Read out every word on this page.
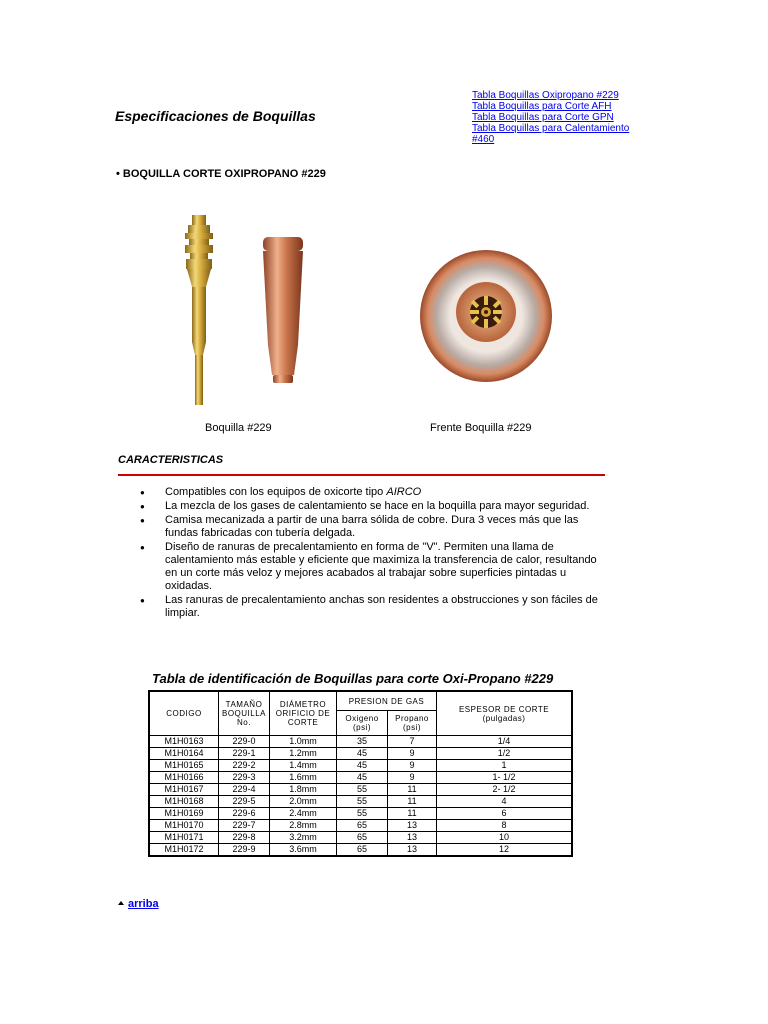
Especificaciones de Boquillas
Tabla Boquillas Oxipropano #229
Tabla Boquillas para Corte AFH
Tabla Boquillas para Corte GPN
Tabla Boquillas para Calentamiento #460
• BOQUILLA CORTE OXIPROPANO #229
Boquilla #229	Frente Boquilla #229
CARACTERISTICAS
● Compatibles con los equipos de oxicorte tipo AIRCO
● La mezcla de los gases de calentamiento se hace en la boquilla para mayor seguridad.
● Camisa mecanizada a partir de una barra sólida de cobre. Dura 3 veces más que las fundas fabricadas con tubería delgada.
● Diseño de ranuras de precalentamiento en forma de "V". Permiten una llama de calentamiento más estable y eficiente que maximiza la transferencia de calor, resultando en un corte más veloz y mejores acabados al trabajar sobre superficies pintadas u oxidadas.
● Las ranuras de precalentamiento anchas son residentes a obstrucciones y son fáciles de limpiar.
Tabla de identificación de Boquillas para corte Oxi-Propano #229
CODIGO	TAMAÑO BOQUILLA No.	DIÁMETRO ORIFICIO DE CORTE	PRESION DE GAS		ESPESOR DE CORTE (pulgadas)
			Oxigeno (psi)	Propano (psi)	
M1H0163	229-0	1.0mm	35	7	1/4
M1H0164	229-1	1.2mm	45	9	1/2
M1H0165	229-2	1.4mm	45	9	1
M1H0166	229-3	1.6mm	45	9	1- 1/2
M1H0167	229-4	1.8mm	55	11	2- 1/2
M1H0168	229-5	2.0mm	55	11	4
M1H0169	229-6	2.4mm	55	11	6
M1H0170	229-7	2.8mm	65	13	8
M1H0171	229-8	3.2mm	65	13	10
M1H0172	229-9	3.6mm	65	13	12
arriba
